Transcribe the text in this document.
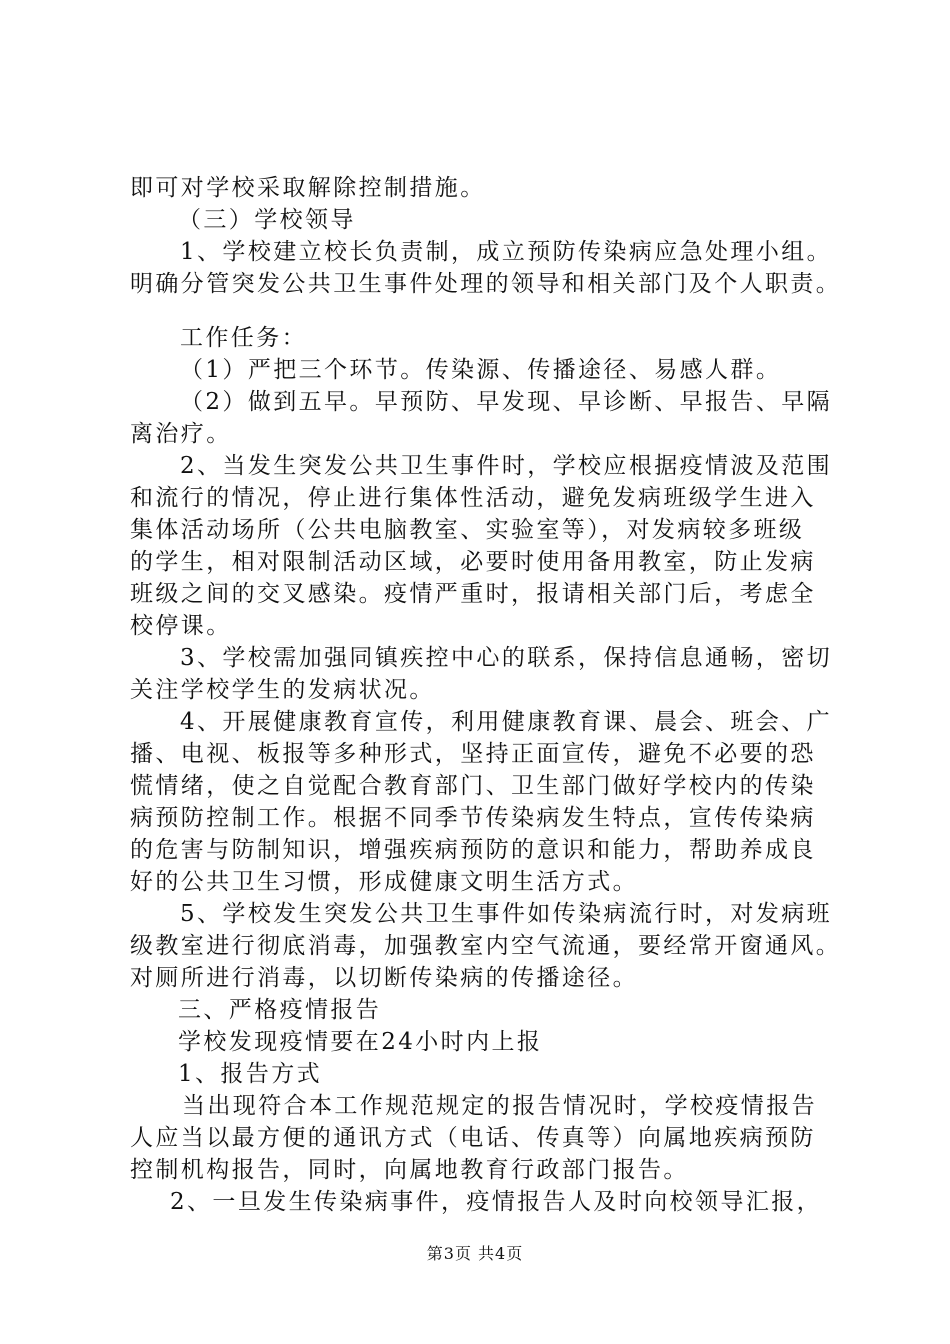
即可对学校采取解除控制措施。
（三）学校领导
1、学校建立校长负责制，成立预防传染病应急处理小组。
明确分管突发公共卫生事件处理的领导和相关部门及个人职责。
工作任务：
（1）严把三个环节。传染源、传播途径、易感人群。
（2）做到五早。早预防、早发现、早诊断、早报告、早隔
离治疗。
2、当发生突发公共卫生事件时，学校应根据疫情波及范围
和流行的情况，停止进行集体性活动，避免发病班级学生进入
集体活动场所（公共电脑教室、实验室等），对发病较多班级
的学生，相对限制活动区域，必要时使用备用教室，防止发病
班级之间的交叉感染。疫情严重时，报请相关部门后，考虑全
校停课。
3、学校需加强同镇疾控中心的联系，保持信息通畅，密切
关注学校学生的发病状况。
4、开展健康教育宣传，利用健康教育课、晨会、班会、广
播、电视、板报等多种形式，坚持正面宣传，避免不必要的恐
慌情绪，使之自觉配合教育部门、卫生部门做好学校内的传染
病预防控制工作。根据不同季节传染病发生特点，宣传传染病
的危害与防制知识，增强疾病预防的意识和能力，帮助养成良
好的公共卫生习惯，形成健康文明生活方式。
5、学校发生突发公共卫生事件如传染病流行时，对发病班
级教室进行彻底消毒，加强教室内空气流通，要经常开窗通风。
对厕所进行消毒，以切断传染病的传播途径。
三、严格疫情报告
学校发现疫情要在24小时内上报
1、报告方式
当出现符合本工作规范规定的报告情况时，学校疫情报告
人应当以最方便的通讯方式（电话、传真等）向属地疾病预防
控制机构报告，同时，向属地教育行政部门报告。
2、一旦发生传染病事件，疫情报告人及时向校领导汇报，
第3页 共4页
